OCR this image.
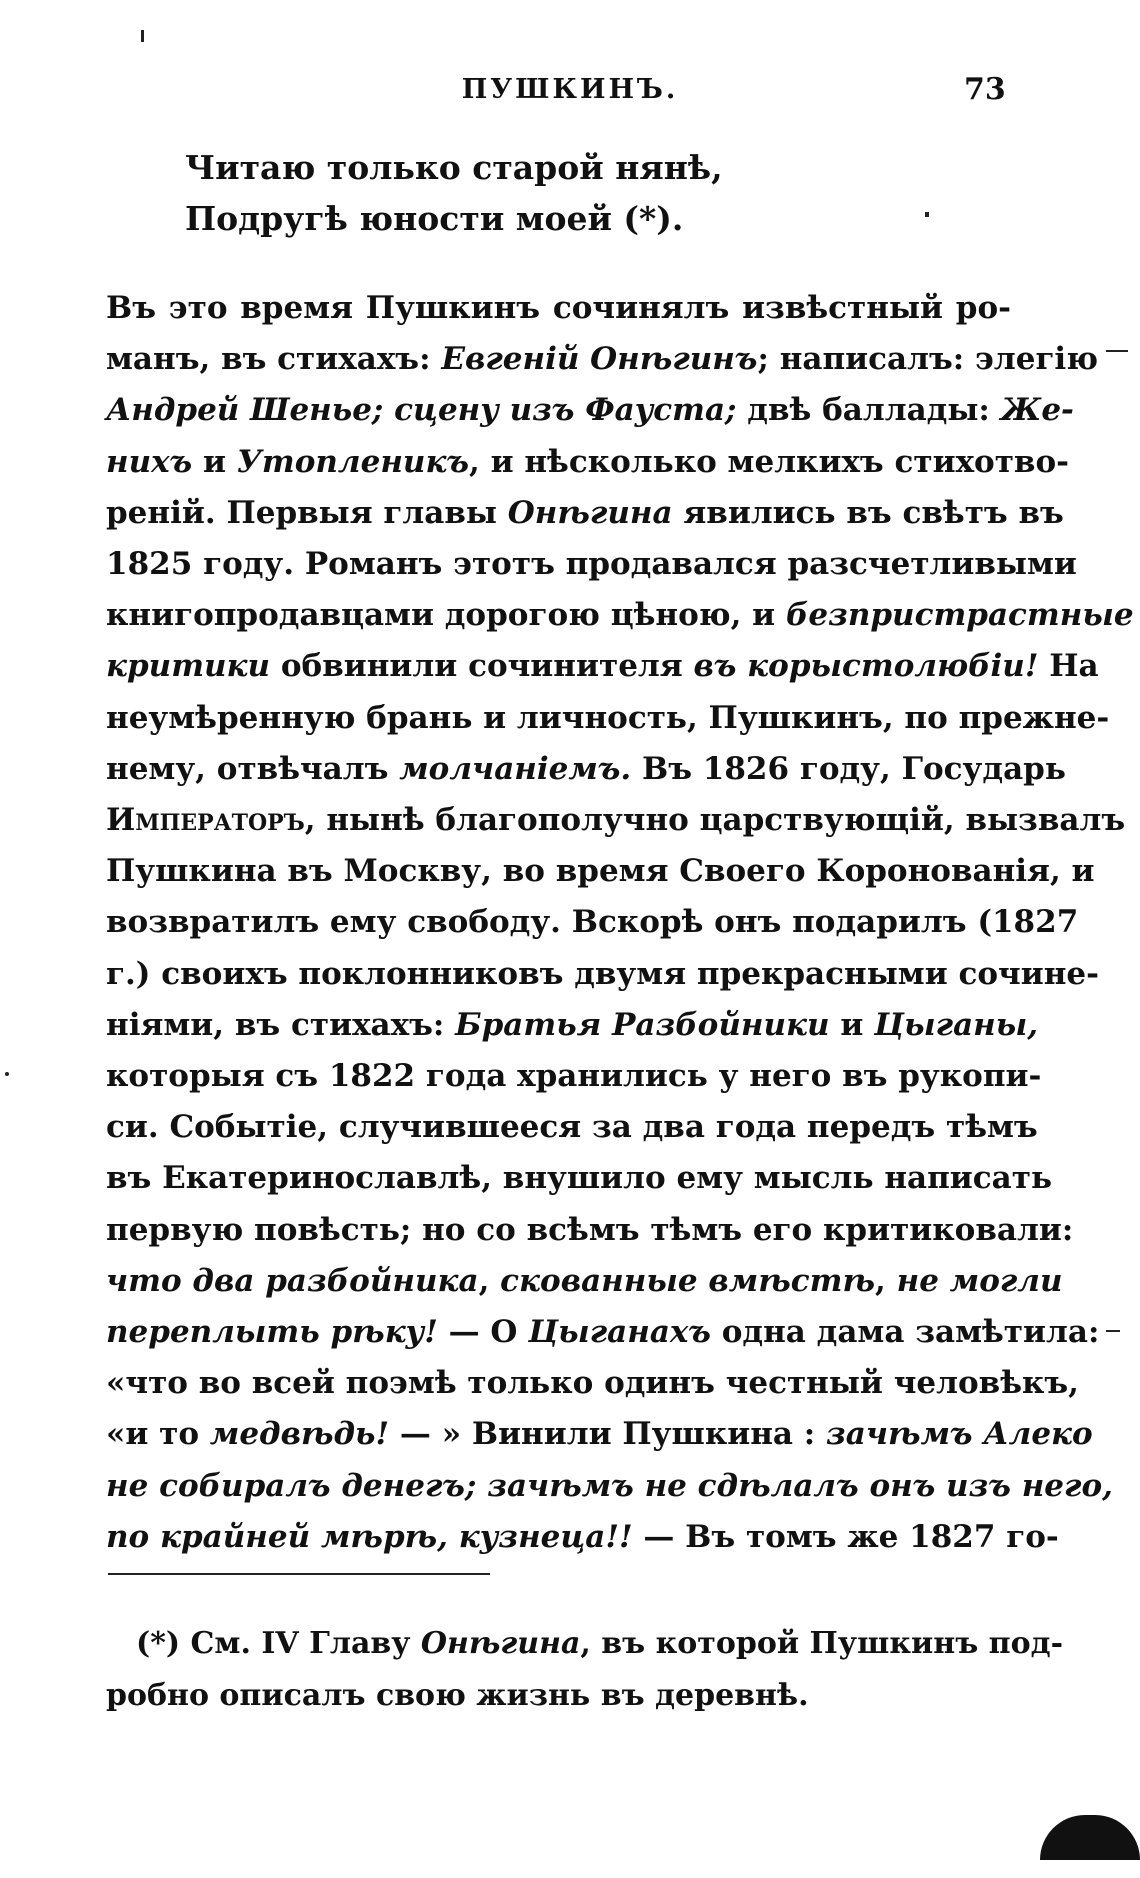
ПУШКИНЪ.	73
Читаю только старой нянѣ,
Подругѣ юности моей (*).
Въ это время Пушкинъ сочинялъ извѣстный ро-
манъ, въ стихахъ: Евгеній Онѣгинъ; написалъ: элегію
Андрей Шенье; сцену изъ Фауста; двѣ баллады: Же-
нихъ и Утопленикъ, и нѣсколько мелкихъ стихотво-
реній. Первыя главы Онѣгина явились въ свѣтъ въ
1825 году. Романъ этотъ продавался разсчетливыми
книгопродавцами дорогою цѣною, и безпристрастные
критики обвинили сочинителя въ корыстолюбіи! На
неумѣренную брань и личность, Пушкинъ, по прежне-
нему, отвѣчалъ молчаніемъ. Въ 1826 году, Государь
Императоръ, нынѣ благополучно царствующій, вызвалъ
Пушкина въ Москву, во время Своего Коронованія, и
возвратилъ ему свободу. Вскорѣ онъ подарилъ (1827
г.) своихъ поклонниковъ двумя прекрасными сочине-
ніями, въ стихахъ: Братья Разбойники и Цыганы,
которыя съ 1822 года хранились у него въ рукопи-
си. Событіе, случившееся за два года передъ тѣмъ
въ Екатеринославлѣ, внушило ему мысль написать
первую повѣсть; но со всѣмъ тѣмъ его критиковали:
что два разбойника, скованные вмѣстѣ, не могли
переплыть рѣку! — О Цыганахъ одна дама замѣтила:
«что во всей поэмѣ только одинъ честный человѣкъ,
«и то медвѣдь! — » Винили Пушкина : зачѣмъ Алеко
не собиралъ денегъ; зачѣмъ не сдѣлалъ онъ изъ него,
по крайней мѣрѣ, кузнеца!! — Въ томъ же 1827 го-
(*) См. IV Главу Онѣгина, въ которой Пушкинъ под-
робно описалъ свою жизнь въ деревнѣ.
